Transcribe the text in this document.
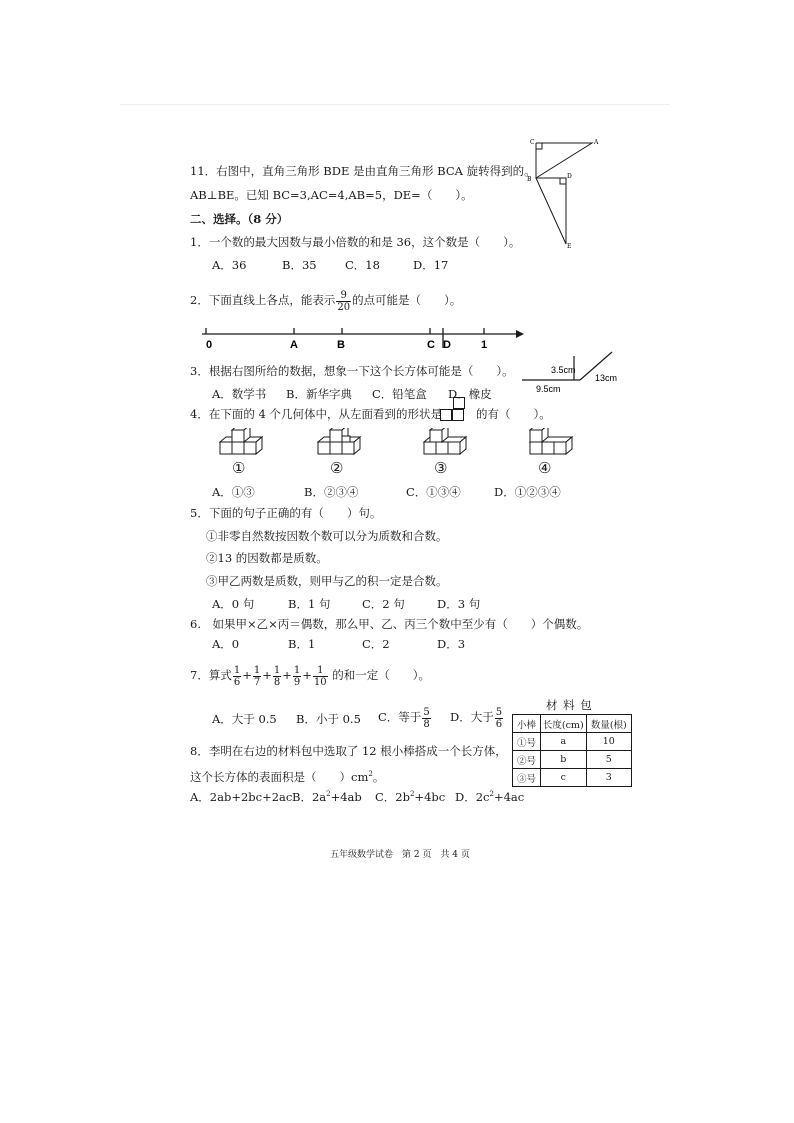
11．右图中，直角三角形 BDE 是由直角三角形 BCA 旋转得到的。
AB⊥BE。已知 BC=3,AC=4,AB=5，DE=（　　）。
C	A
B	D
E
二、选择。（8 分）
1．一个数的最大因数与最小倍数的和是 36，这个数是（　　）。
A．36	B．35 C．18	D．17
2．下面直线上各点，能表示 $\frac{9}{20}$ 的点可能是（　　）。
0	A	B	C D	1
3．根据右图所给的数据，想象一下这个长方体可能是（　　）。
A．数学书 B．新华字典 C．铅笔盒 D．橡皮
3.5cm
9.5cm
13cm
4．在下面的 4 个几何体中，从左面看到的形状是	的有（　　）。
①	②	③	④
A．①③	B．②③④	C．①③④	D．①②③④
5．下面的句子正确的有（　　）句。
①非零自然数按因数个数可以分为质数和合数。
②13 的因数都是质数。
③甲乙两数是质数，则甲与乙的积一定是合数。
A．0 句	B．1 句	C．2 句	D．3 句
6.　如果甲×乙×丙＝偶数，那么甲、乙、丙三个数中至少有（　　）个偶数。
A．0	B．1	C．2	D．3
7．算式 $\frac{1}{6} + \frac{1}{7} + \frac{1}{8} + \frac{1}{9} + \frac{1}{10}$ 的和一定（　　）。
A．大于 0.5 B．小于 0.5 C．等于 $\frac{5}{8}$ D．大于 $\frac{5}{6}$
材 料 包
小棒	长度(cm)	数量(根)
①号	a	10
②号	b	5
③号	c	3
8．李明在右边的材料包中选取了 12 根小棒搭成一个长方体，
这个长方体的表面积是（　　）$cm^2$。
A．2ab+2bc+2ac B．$2a^2+4ab$ C．$2b^2+4bc$ D．$2c^2+4ac$
五年级数学试卷　第 2 页　共 4 页
